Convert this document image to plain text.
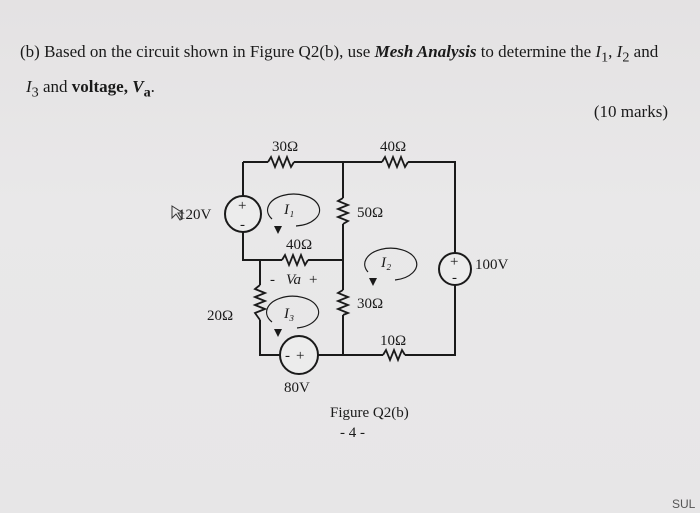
(b) Based on the circuit shown in Figure Q2(b), use Mesh Analysis to determine the $I_1$, $I_2$ and
$I_3$ and voltage, $V_a$.
(10 marks)
+
-
+
-
- +
30Ω	40Ω
120V	50Ω
40Ω
- Va +
20Ω
30Ω
10Ω
100V
80V
I₁
I₂
I₃
Figure Q2(b)
- 4 -
SUL
